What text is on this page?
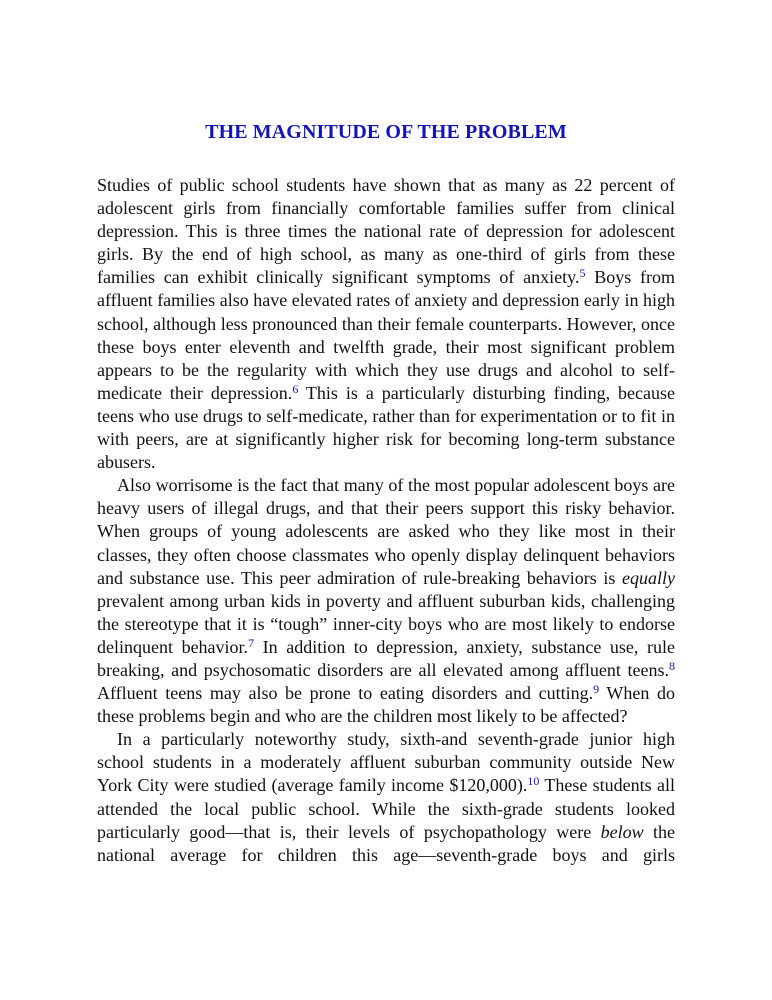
THE MAGNITUDE OF THE PROBLEM

Studies of public school students have shown that as many as 22 percent of adolescent girls from financially comfortable families suffer from clinical depression. This is three times the national rate of depression for adolescent girls. By the end of high school, as many as one-third of girls from these families can exhibit clinically significant symptoms of anxiety.$^5$ Boys from affluent families also have elevated rates of anxiety and depression early in high school, although less pronounced than their female counterparts. However, once these boys enter eleventh and twelfth grade, their most significant problem appears to be the regularity with which they use drugs and alcohol to self-medicate their depression.$^6$ This is a particularly disturbing finding, because teens who use drugs to self-medicate, rather than for experimentation or to fit in with peers, are at significantly higher risk for becoming long-term substance abusers.

Also worrisome is the fact that many of the most popular adolescent boys are heavy users of illegal drugs, and that their peers support this risky behavior. When groups of young adolescents are asked who they like most in their classes, they often choose classmates who openly display delinquent behaviors and substance use. This peer admiration of rule-breaking behaviors is equally prevalent among urban kids in poverty and affluent suburban kids, challenging the stereotype that it is “tough” inner-city boys who are most likely to endorse delinquent behavior.$^7$ In addition to depression, anxiety, substance use, rule breaking, and psychosomatic disorders are all elevated among affluent teens.$^8$ Affluent teens may also be prone to eating disorders and cutting.$^9$ When do these problems begin and who are the children most likely to be affected?

In a particularly noteworthy study, sixth-and seventh-grade junior high school students in a moderately affluent suburban community outside New York City were studied (average family income $120,000).$^{10}$ These students all attended the local public school. While the sixth-grade students looked particularly good—that is, their levels of psychopathology were below the national average for children this age—seventh-grade boys and girls
